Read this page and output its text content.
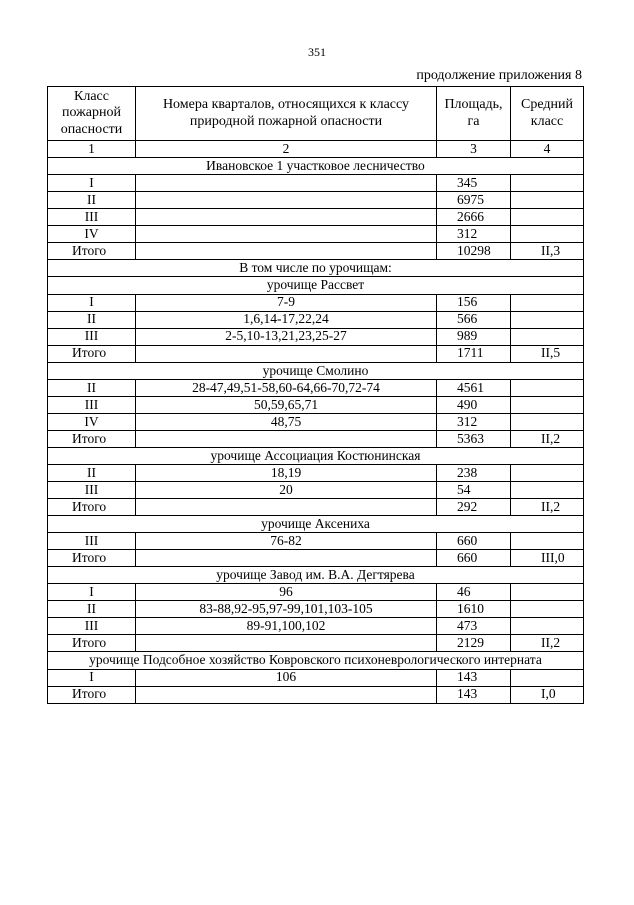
351
продолжение приложения 8
Класс пожарной опасности	Номера кварталов, относящихся к классу природной пожарной опасности	Площадь, га	Средний класс
1	2	3	4
Ивановское 1 участковое лесничество			
I		345	
II		6975	
III		2666	
IV		312	
Итого		10298	II,3
В том числе по урочищам:			
урочище Рассвет			
I	7-9	156	
II	1,6,14-17,22,24	566	
III	2-5,10-13,21,23,25-27	989	
Итого		1711	II,5
урочище Смолино			
II	28-47,49,51-58,60-64,66-70,72-74	4561	
III	50,59,65,71	490	
IV	48,75	312	
Итого		5363	II,2
урочище Ассоциация Костюнинская			
II	18,19	238	
III	20	54	
Итого		292	II,2
урочище Аксениха			
III	76-82	660	
Итого		660	III,0
урочище Завод им. В.А. Дегтярева			
I	96	46	
II	83-88,92-95,97-99,101,103-105	1610	
III	89-91,100,102	473	
Итого		2129	II,2
урочище Подсобное хозяйство Ковровского психоневрологического интерната			
I	106	143	
Итого		143	I,0
